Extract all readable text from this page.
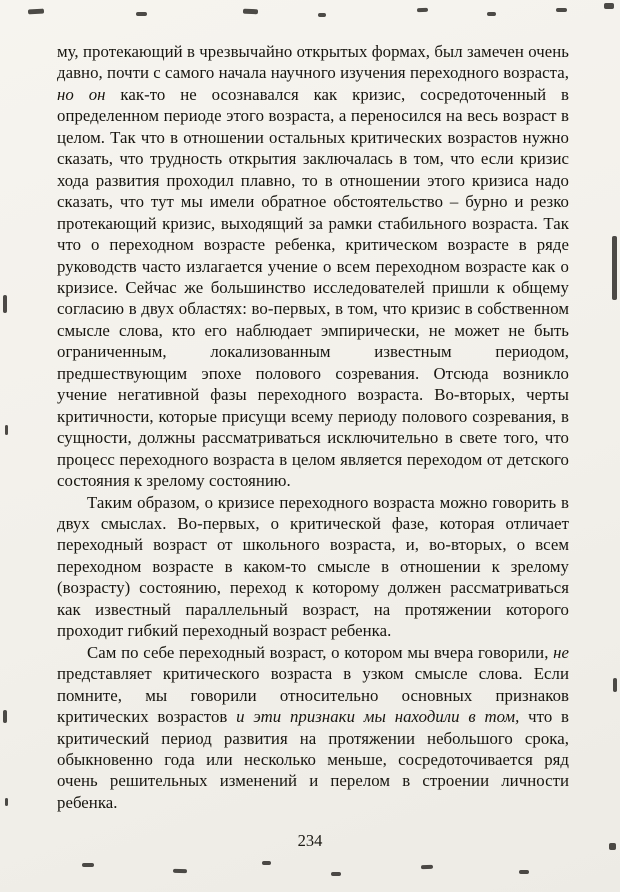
му, протекающий в чрезвычайно открытых формах, был замечен очень давно, почти с самого начала научного изучения переходного возраста, но он как-то не осознавался как кризис, сосредоточенный в определенном периоде этого возраста, а переносился на весь возраст в целом. Так что в отношении остальных критических возрастов нужно сказать, что трудность открытия заключалась в том, что если кризис хода развития проходил плавно, то в отношении этого кризиса надо сказать, что тут мы имели обратное обстоятельство – бурно и резко протекающий кризис, выходящий за рамки стабильного возраста. Так что о переходном возрасте ребенка, критическом возрасте в ряде руководств часто излагается учение о всем переходном возрасте как о кризисе. Сейчас же большинство исследователей пришли к общему согласию в двух областях: во-первых, в том, что кризис в собственном смысле слова, кто его наблюдает эмпирически, не может не быть ограниченным, локализованным известным периодом, предшествующим эпохе полового созревания. Отсюда возникло учение негативной фазы переходного возраста. Во-вторых, черты критичности, которые присущи всему периоду полового созревания, в сущности, должны рассматриваться исключительно в свете того, что процесс переходного возраста в целом является переходом от детского состояния к зрелому состоянию.

Таким образом, о кризисе переходного возраста можно говорить в двух смыслах. Во-первых, о критической фазе, которая отличает переходный возраст от школьного возраста, и, во-вторых, о всем переходном возрасте в каком-то смысле в отношении к зрелому (возрасту) состоянию, переход к которому должен рассматриваться как известный параллельный возраст, на протяжении которого проходит гибкий переходный возраст ребенка.

Сам по себе переходный возраст, о котором мы вчера говорили, не представляет критического возраста в узком смысле слова. Если помните, мы говорили относительно основных признаков критических возрастов и эти признаки мы находили в том, что в критический период развития на протяжении небольшого срока, обыкновенно года или несколько меньше, сосредоточивается ряд очень решительных изменений и перелом в строении личности ребенка.

234
